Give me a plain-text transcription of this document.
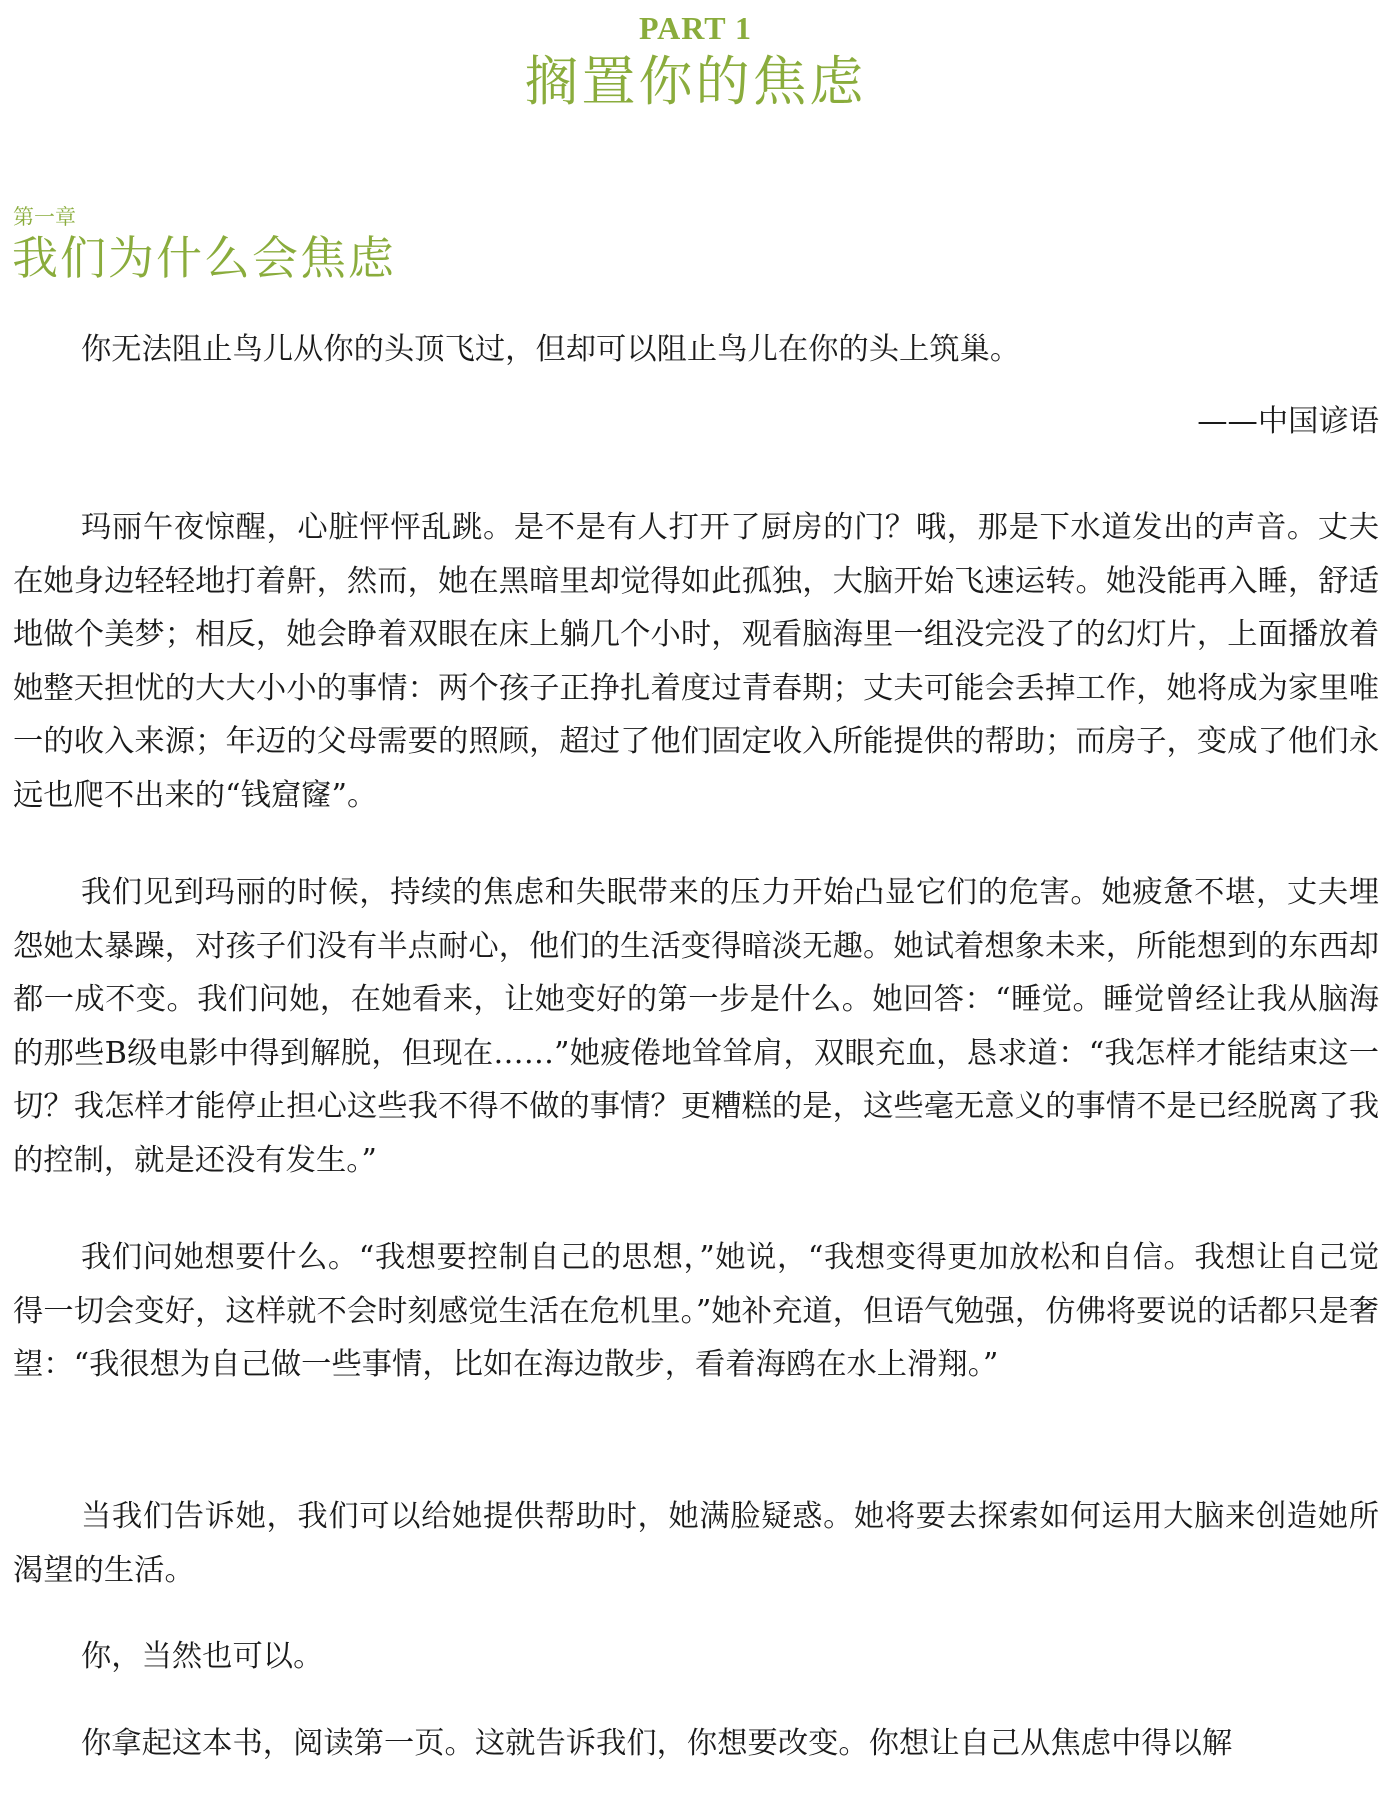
PART 1
搁置你的焦虑
第一章
我们为什么会焦虑

你无法阻止鸟儿从你的头顶飞过，但却可以阻止鸟儿在你的头上筑巢。

——中国谚语

玛丽午夜惊醒，心脏怦怦乱跳。是不是有人打开了厨房的门？哦，那是下水道发出的声音。丈夫在她身边轻轻地打着鼾，然而，她在黑暗里却觉得如此孤独，大脑开始飞速运转。她没能再入睡，舒适地做个美梦；相反，她会睁着双眼在床上躺几个小时，观看脑海里一组没完没了的幻灯片，上面播放着她整天担忧的大大小小的事情：两个孩子正挣扎着度过青春期；丈夫可能会丢掉工作，她将成为家里唯一的收入来源；年迈的父母需要的照顾，超过了他们固定收入所能提供的帮助；而房子，变成了他们永远也爬不出来的“钱窟窿”。

我们见到玛丽的时候，持续的焦虑和失眠带来的压力开始凸显它们的危害。她疲惫不堪，丈夫埋怨她太暴躁，对孩子们没有半点耐心，他们的生活变得暗淡无趣。她试着想象未来，所能想到的东西却都一成不变。我们问她，在她看来，让她变好的第一步是什么。她回答：“睡觉。睡觉曾经让我从脑海的那些B级电影中得到解脱，但现在……”她疲倦地耸耸肩，双眼充血，恳求道：“我怎样才能结束这一切？我怎样才能停止担心这些我不得不做的事情？更糟糕的是，这些毫无意义的事情不是已经脱离了我的控制，就是还没有发生。”

我们问她想要什么。“我想要控制自己的思想，”她说，“我想变得更加放松和自信。我想让自己觉得一切会变好，这样就不会时刻感觉生活在危机里。”她补充道，但语气勉强，仿佛将要说的话都只是奢望：“我很想为自己做一些事情，比如在海边散步，看着海鸥在水上滑翔。”

当我们告诉她，我们可以给她提供帮助时，她满脸疑惑。她将要去探索如何运用大脑来创造她所渴望的生活。

你，当然也可以。

你拿起这本书，阅读第一页。这就告诉我们，你想要改变。你想让自己从焦虑中得以解
